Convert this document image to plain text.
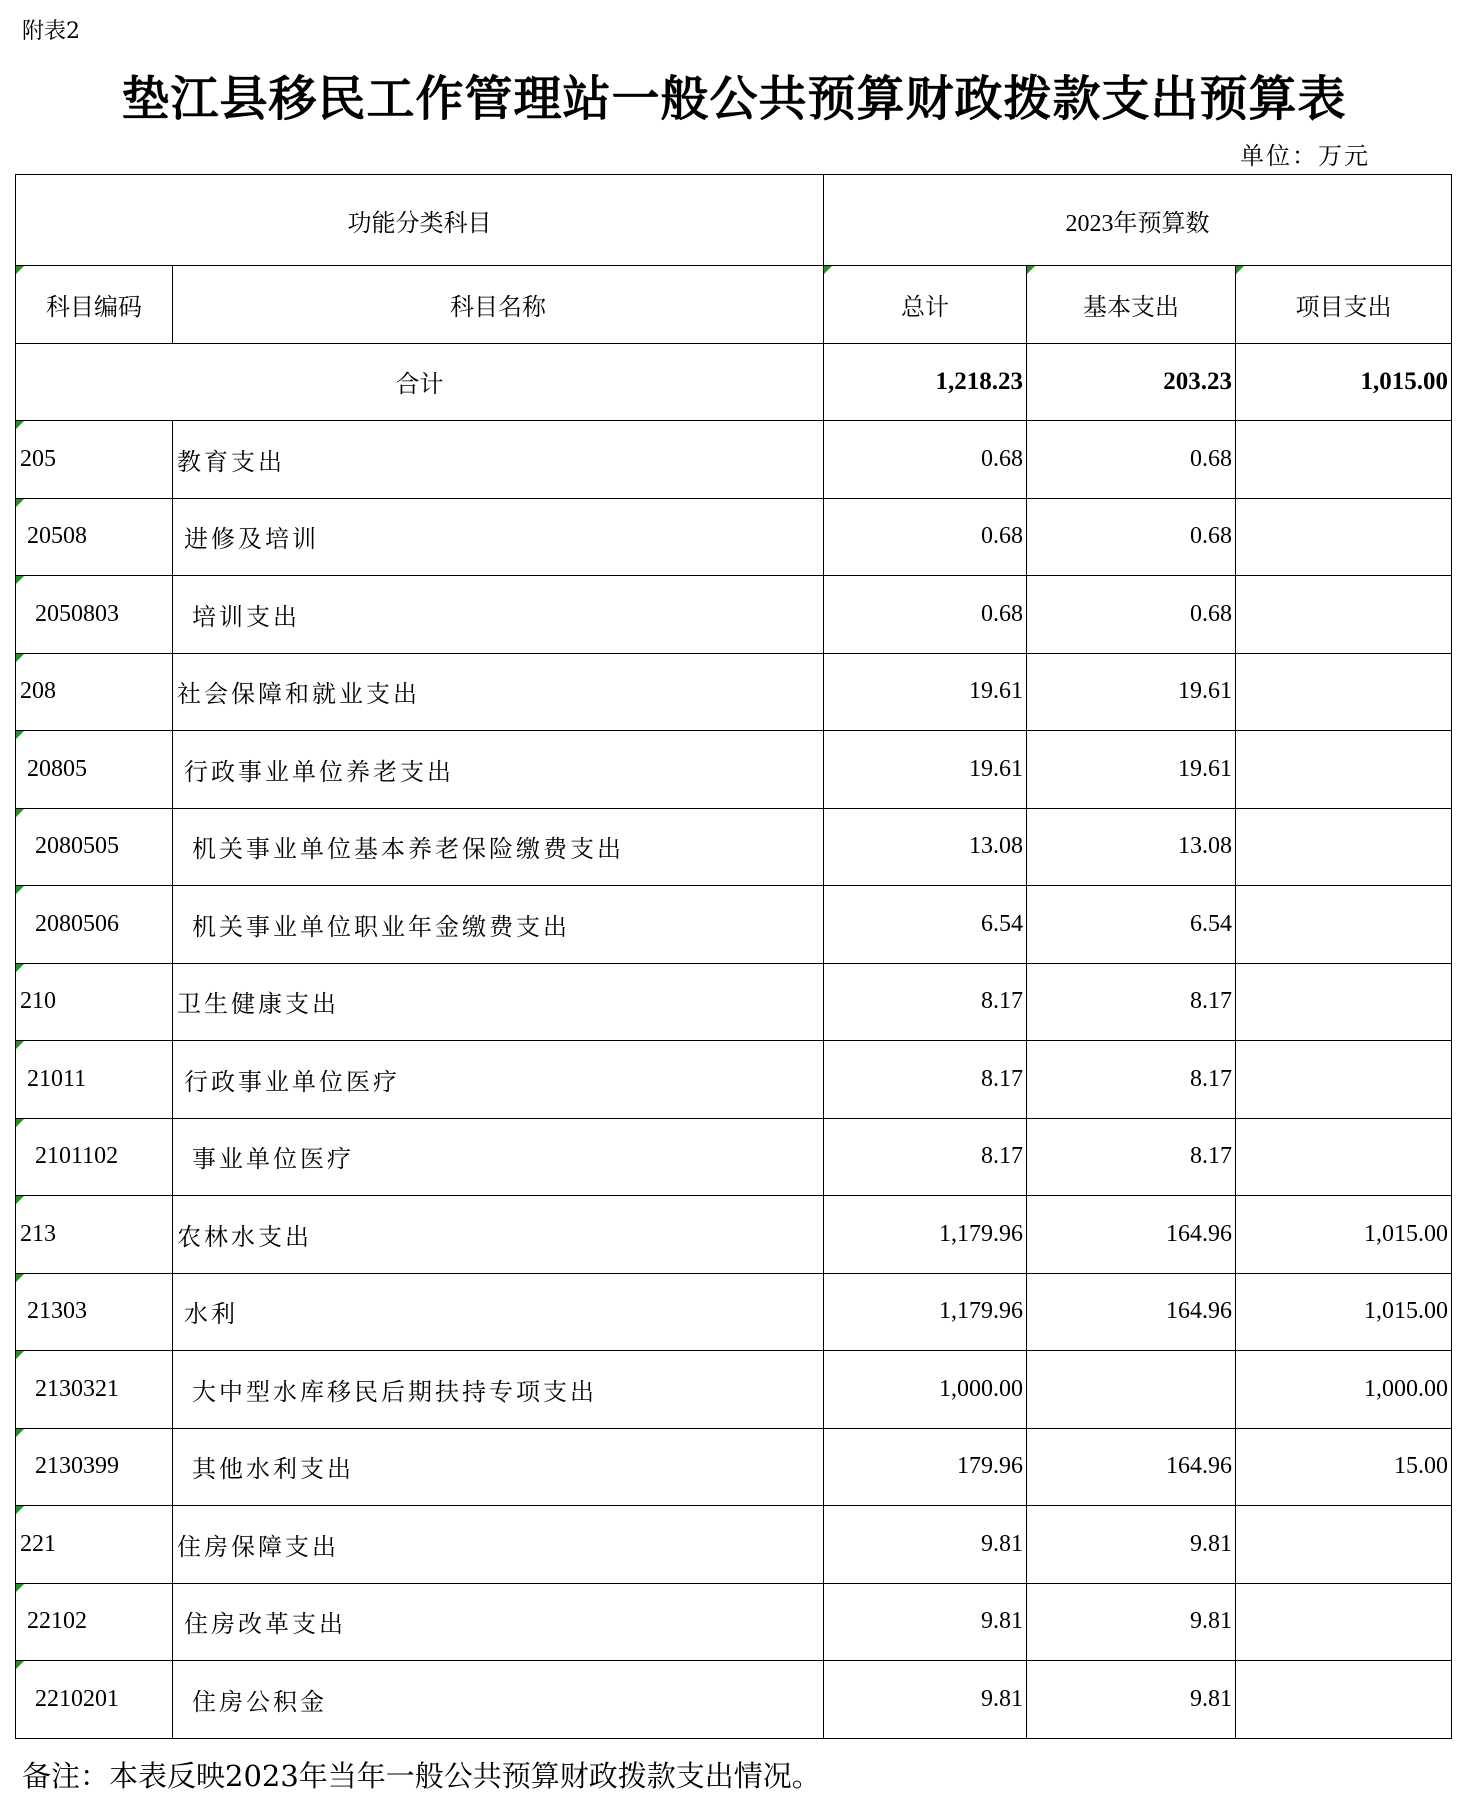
附表2
垫江县移民工作管理站一般公共预算财政拨款支出预算表
单位：万元
功能分类科目		2023年预算数		
科目编码	科目名称	总计	基本支出	项目支出
合计		1,218.23	203.23	1,015.00
205	教育支出	0.68	0.68	
20508	进修及培训	0.68	0.68	
2050803	培训支出	0.68	0.68	
208	社会保障和就业支出	19.61	19.61	
20805	行政事业单位养老支出	19.61	19.61	
2080505	机关事业单位基本养老保险缴费支出	13.08	13.08	
2080506	机关事业单位职业年金缴费支出	6.54	6.54	
210	卫生健康支出	8.17	8.17	
21011	行政事业单位医疗	8.17	8.17	
2101102	事业单位医疗	8.17	8.17	
213	农林水支出	1,179.96	164.96	1,015.00
21303	水利	1,179.96	164.96	1,015.00
2130321	大中型水库移民后期扶持专项支出	1,000.00		1,000.00
2130399	其他水利支出	179.96	164.96	15.00
221	住房保障支出	9.81	9.81	
22102	住房改革支出	9.81	9.81	
2210201	住房公积金	9.81	9.81	
备注：本表反映2023年当年一般公共预算财政拨款支出情况。
